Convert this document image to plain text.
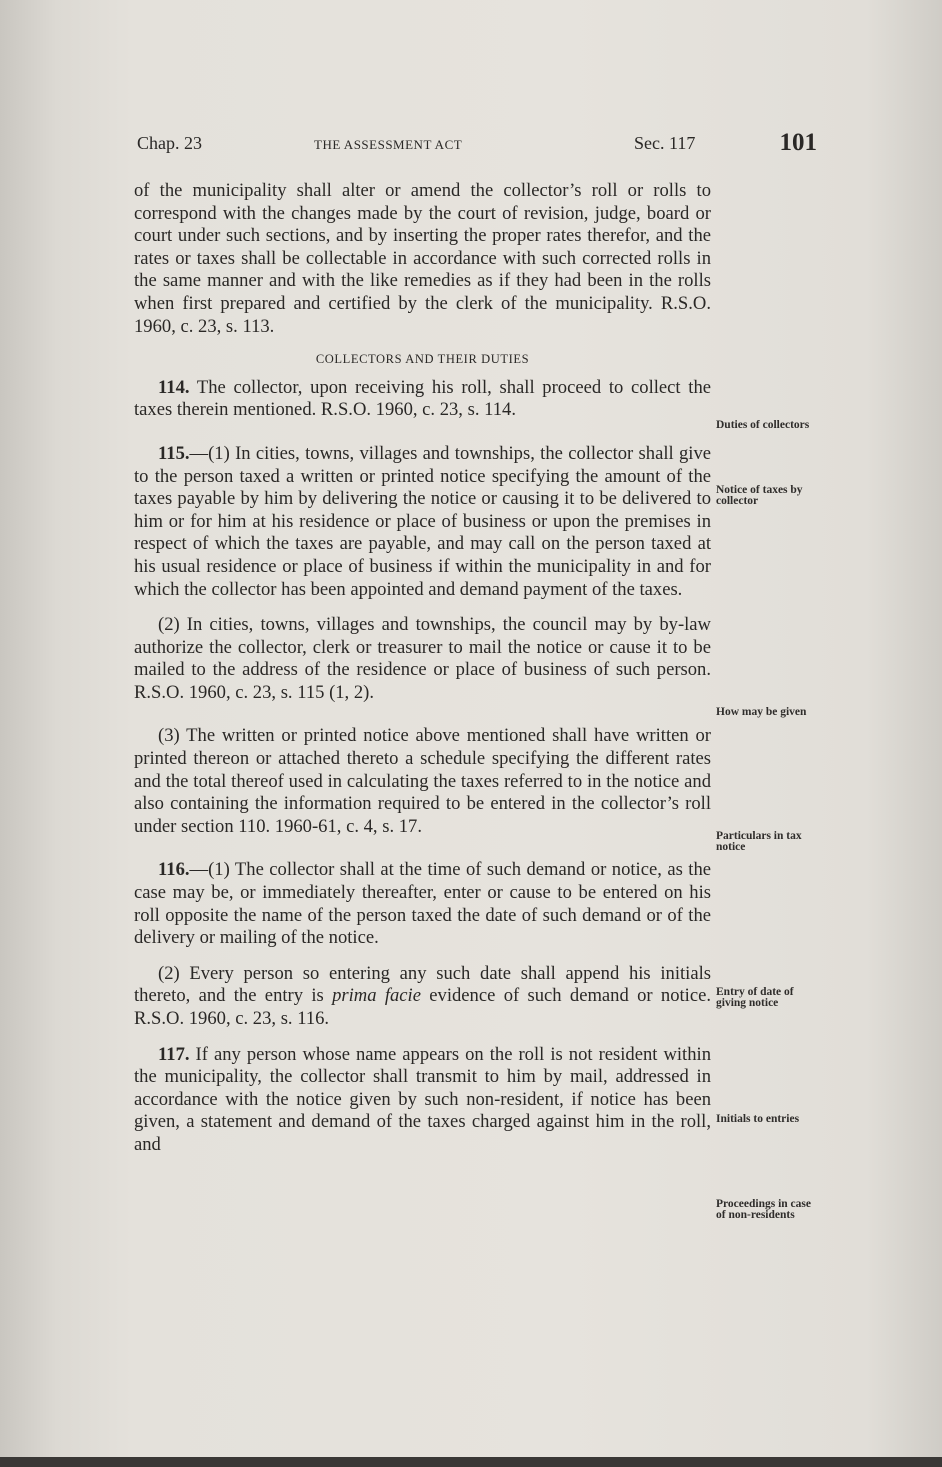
Chap. 23	THE ASSESSMENT ACT	Sec. 117	101

of the municipality shall alter or amend the collector’s roll or rolls to correspond with the changes made by the court of revision, judge, board or court under such sections, and by inserting the proper rates therefor, and the rates or taxes shall be collectable in accordance with such corrected rolls in the same manner and with the like remedies as if they had been in the rolls when first prepared and certified by the clerk of the municipality. R.S.O. 1960, c. 23, s. 113.

COLLECTORS AND THEIR DUTIES

114. The collector, upon receiving his roll, shall proceed to collect the taxes therein mentioned. R.S.O. 1960, c. 23, s. 114.

115.—(1) In cities, towns, villages and townships, the collector shall give to the person taxed a written or printed notice specifying the amount of the taxes payable by him by delivering the notice or causing it to be delivered to him or for him at his residence or place of business or upon the premises in respect of which the taxes are payable, and may call on the person taxed at his usual residence or place of business if within the municipality in and for which the collector has been appointed and demand payment of the taxes.

(2) In cities, towns, villages and townships, the council may by by-law authorize the collector, clerk or treasurer to mail the notice or cause it to be mailed to the address of the residence or place of business of such person. R.S.O. 1960, c. 23, s. 115 (1, 2).

(3) The written or printed notice above mentioned shall have written or printed thereon or attached thereto a schedule specifying the different rates and the total thereof used in calculating the taxes referred to in the notice and also containing the information required to be entered in the collector’s roll under section 110. 1960-61, c. 4, s. 17.

116.—(1) The collector shall at the time of such demand or notice, as the case may be, or immediately thereafter, enter or cause to be entered on his roll opposite the name of the person taxed the date of such demand or of the delivery or mailing of the notice.

(2) Every person so entering any such date shall append his initials thereto, and the entry is prima facie evidence of such demand or notice. R.S.O. 1960, c. 23, s. 116.

117. If any person whose name appears on the roll is not resident within the municipality, the collector shall transmit to him by mail, addressed in accordance with the notice given by such non-resident, if notice has been given, a statement and demand of the taxes charged against him in the roll, and

Duties of collectors
Notice of taxes by collector
How may be given
Particulars in tax notice
Entry of date of giving notice
Initials to entries
Proceedings in case of non-residents
